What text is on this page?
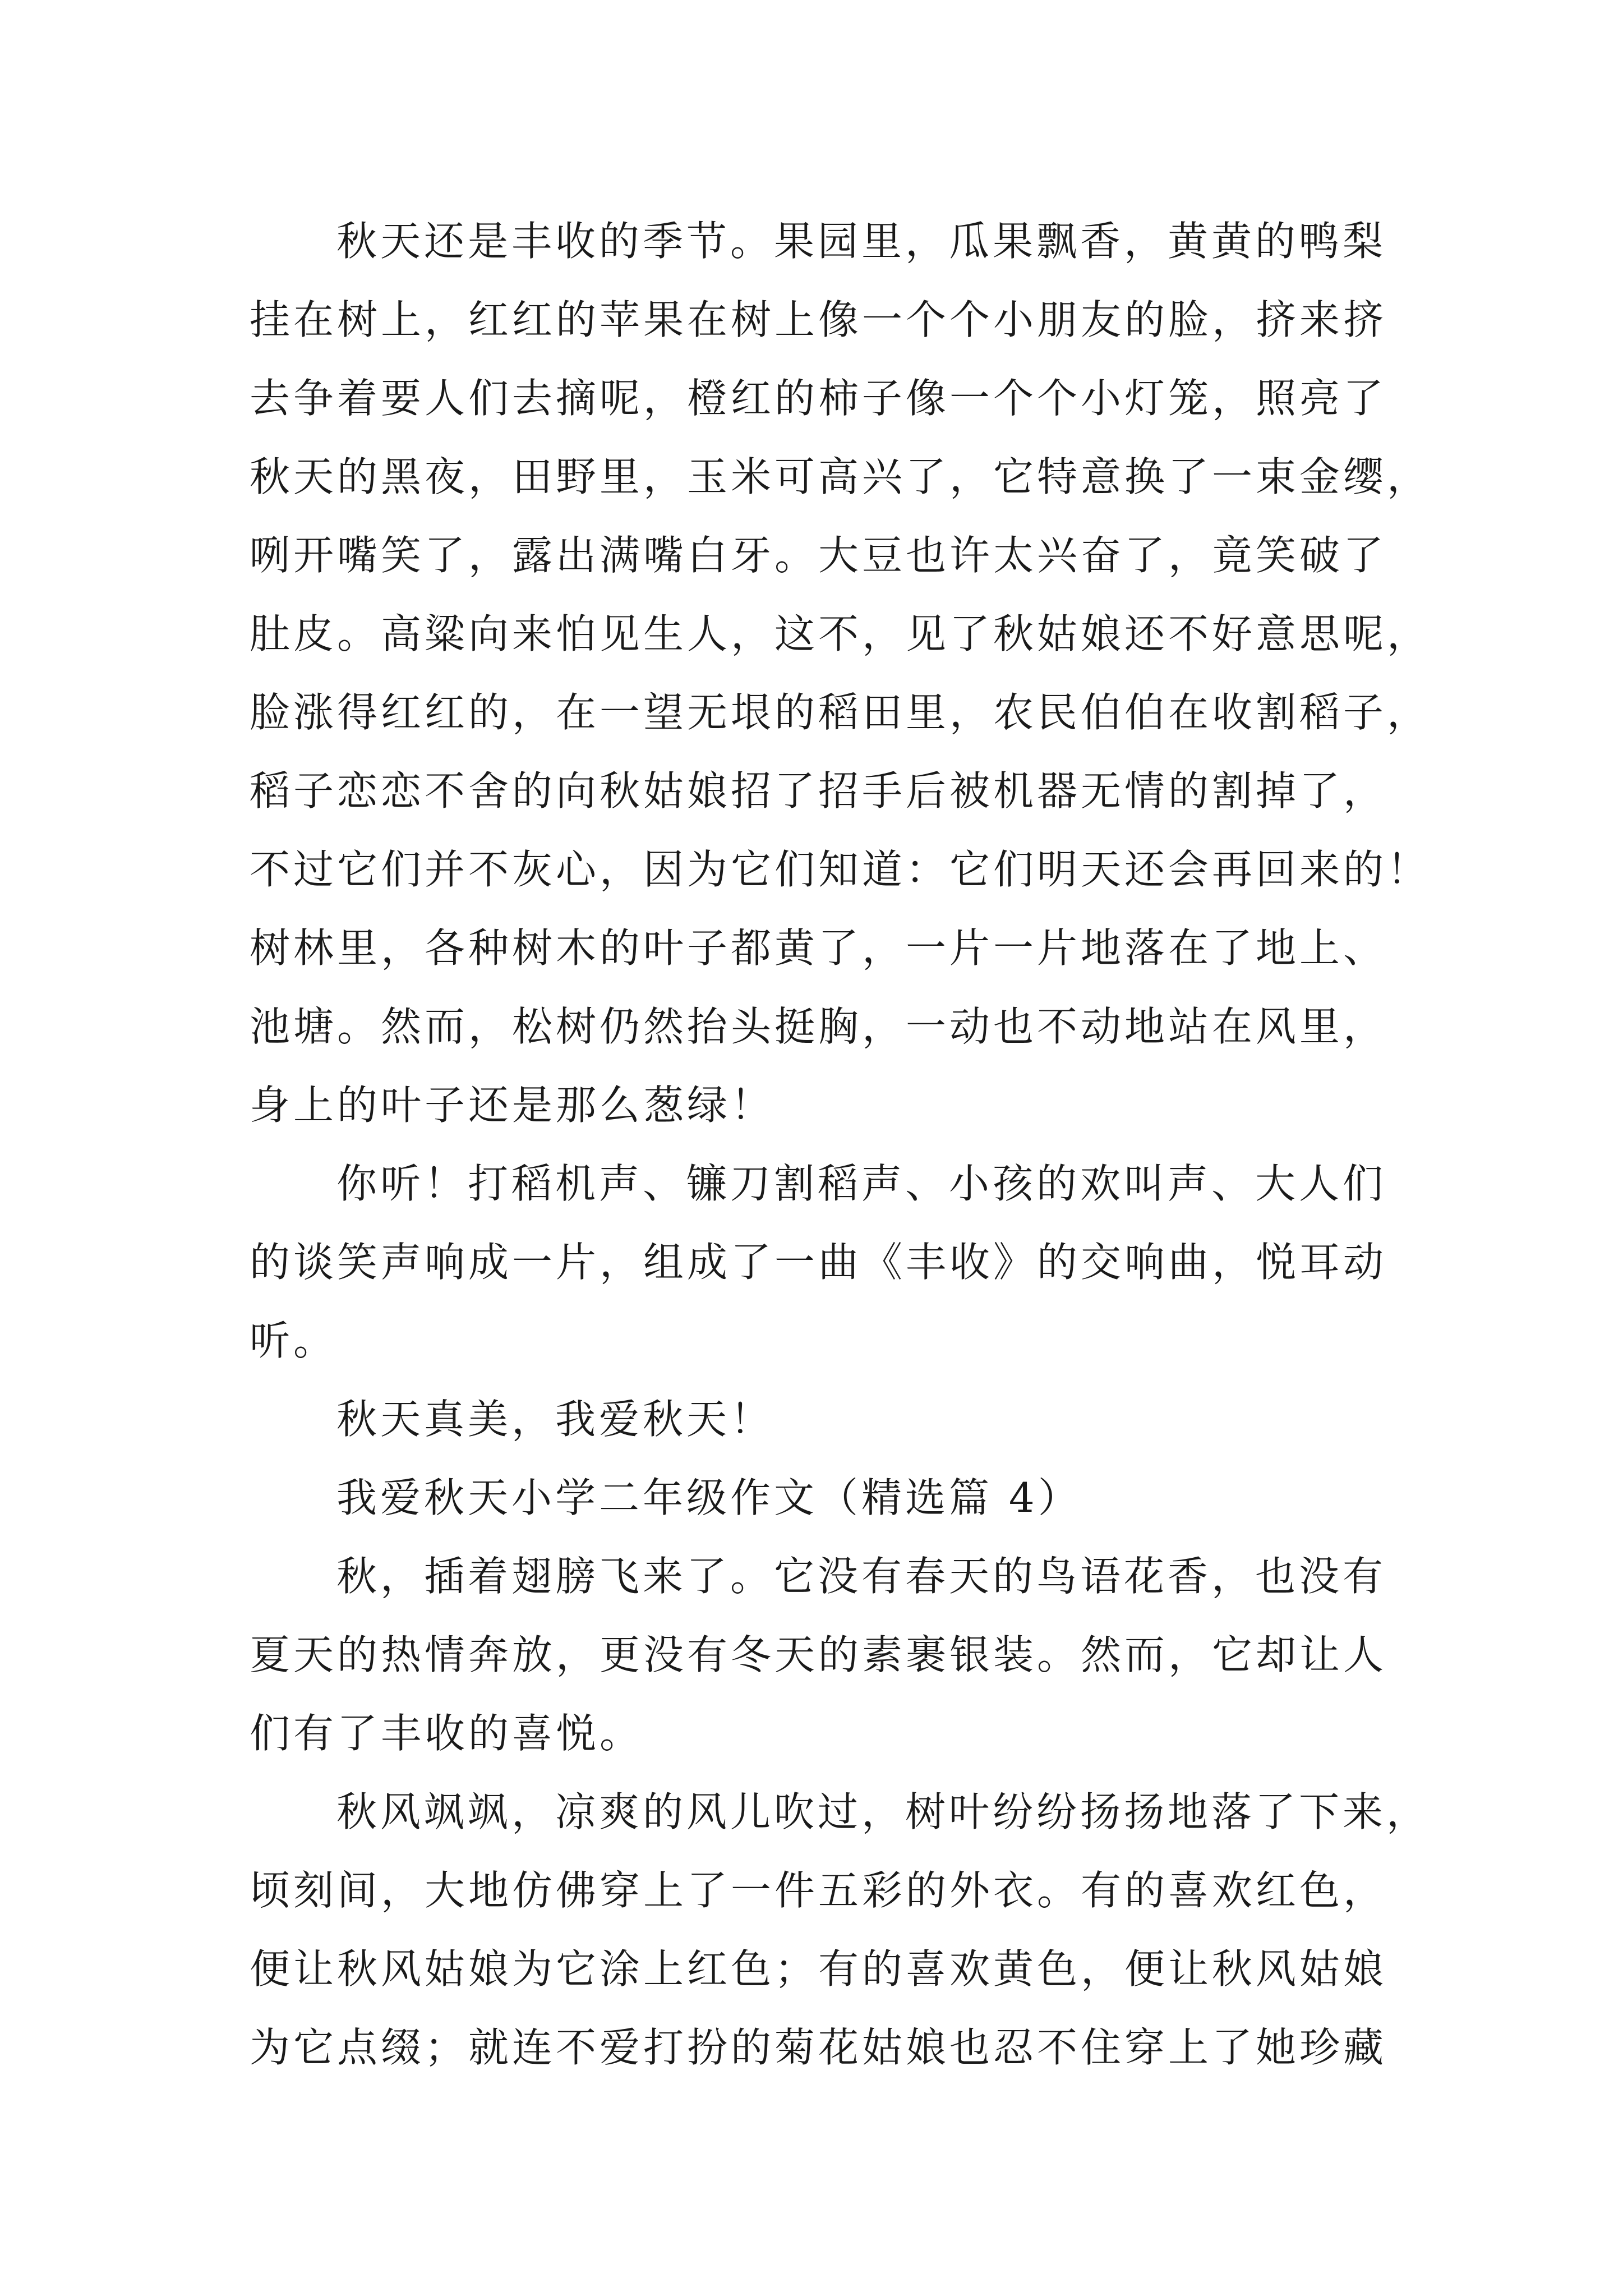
秋天还是丰收的季节。果园里，瓜果飘香，黄黄的鸭梨

挂在树上，红红的苹果在树上像一个个小朋友的脸，挤来挤

去争着要人们去摘呢，橙红的柿子像一个个小灯笼，照亮了

秋天的黑夜，田野里，玉米可高兴了，它特意换了一束金缨，

咧开嘴笑了，露出满嘴白牙。大豆也许太兴奋了，竟笑破了

肚皮。高粱向来怕见生人，这不，见了秋姑娘还不好意思呢，

脸涨得红红的，在一望无垠的稻田里，农民伯伯在收割稻子，

稻子恋恋不舍的向秋姑娘招了招手后被机器无情的割掉了，

不过它们并不灰心，因为它们知道：它们明天还会再回来的！

树林里，各种树木的叶子都黄了，一片一片地落在了地上、

池塘。然而，松树仍然抬头挺胸，一动也不动地站在风里，

身上的叶子还是那么葱绿！

你听！打稻机声、镰刀割稻声、小孩的欢叫声、大人们

的谈笑声响成一片，组成了一曲《丰收》的交响曲，悦耳动

听。

秋天真美，我爱秋天！

我爱秋天小学二年级作文（精选篇 4）

秋，插着翅膀飞来了。它没有春天的鸟语花香，也没有

夏天的热情奔放，更没有冬天的素裹银装。然而，它却让人

们有了丰收的喜悦。

秋风飒飒，凉爽的风儿吹过，树叶纷纷扬扬地落了下来，

顷刻间，大地仿佛穿上了一件五彩的外衣。有的喜欢红色，

便让秋风姑娘为它涂上红色；有的喜欢黄色，便让秋风姑娘

为它点缀；就连不爱打扮的菊花姑娘也忍不住穿上了她珍藏
